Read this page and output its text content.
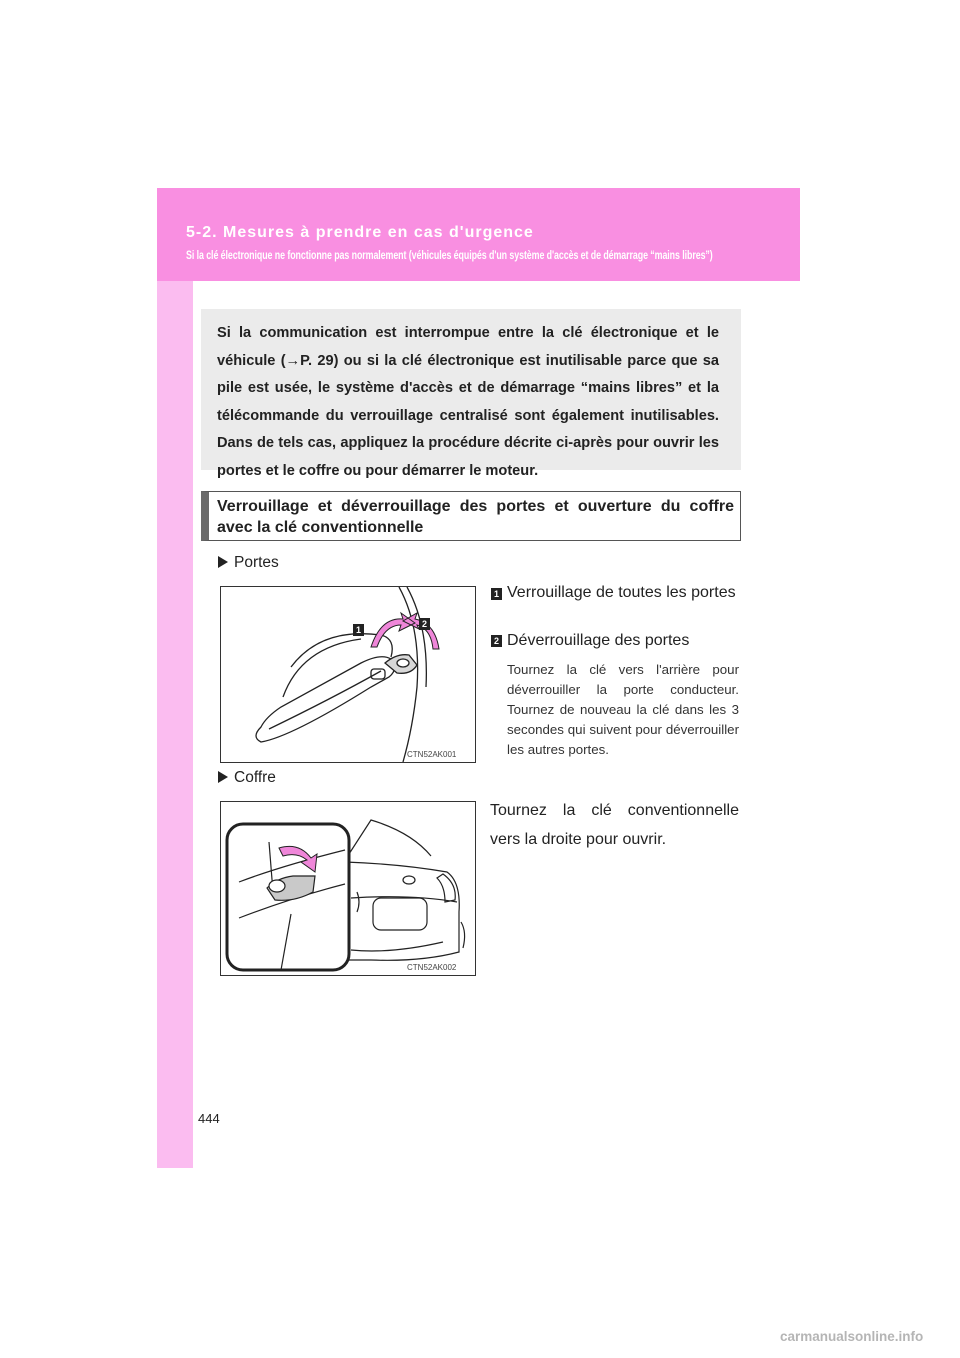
5-2. Mesures à prendre en cas d'urgence
Si la clé électronique ne fonctionne pas normalement (véhicules équipés d'un système d'accès et de démarrage “mains libres”)
Si la communication est interrompue entre la clé électronique et le véhicule (→P. 29) ou si la clé électronique est inutilisable parce que sa pile est usée, le système d'accès et de démarrage “mains libres” et la télécommande du verrouillage centralisé sont également inutilisables. Dans de tels cas, appliquez la procédure décrite ci-après pour ouvrir les portes et le coffre ou pour démarrer le moteur.
Verrouillage et déverrouillage des portes et ouverture du coffre avec la clé conventionnelle
Portes
1
2
CTN52AK001
1 Verrouillage de toutes les portes
2 Déverrouillage des portes
Tournez la clé vers l'arrière pour déverrouiller la porte conducteur. Tournez de nouveau la clé dans les 3 secondes qui suivent pour déverrouiller les autres portes.
Coffre
CTN52AK002
Tournez la clé conventionnelle vers la droite pour ouvrir.
444
carmanualsonline.info
